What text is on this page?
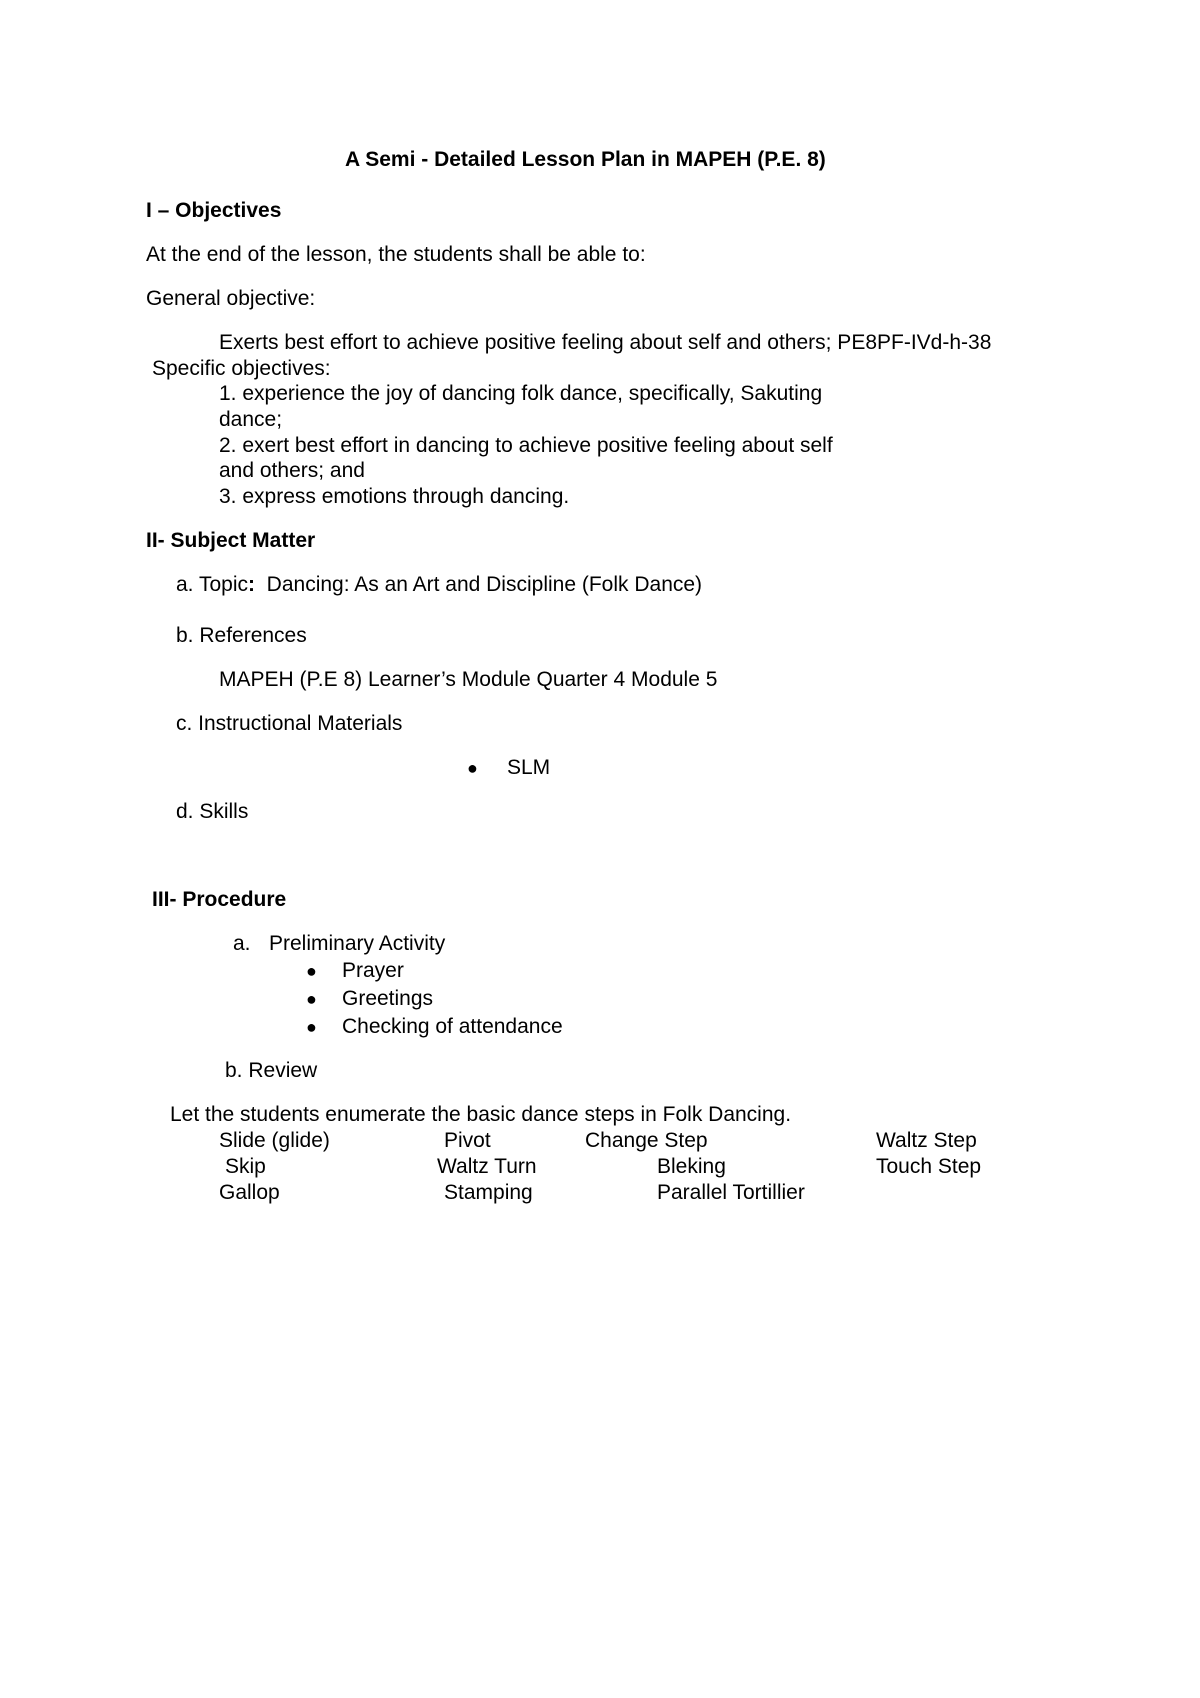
A Semi - Detailed Lesson Plan in MAPEH (P.E. 8)
I – Objectives
At the end of the lesson, the students shall be able to:
General objective:
Exerts best effort to achieve positive feeling about self and others; PE8PF-IVd-h-38
Specific objectives:
1. experience the joy of dancing folk dance, specifically, Sakuting
dance;
2. exert best effort in dancing to achieve positive feeling about self
and others; and
3. express emotions through dancing.
II- Subject Matter
a. Topic: Dancing: As an Art and Discipline (Folk Dance)
b. References
MAPEH (P.E 8) Learner’s Module Quarter 4 Module 5
c. Instructional Materials
● SLM
d. Skills
III- Procedure
a. Preliminary Activity
● Prayer
● Greetings
● Checking of attendance
b. Review
Let the students enumerate the basic dance steps in Folk Dancing.
Slide (glide)	Pivot	Change Step	Waltz Step
Skip	Waltz Turn	Bleking	Touch Step
Gallop	Stamping	Parallel Tortillier
